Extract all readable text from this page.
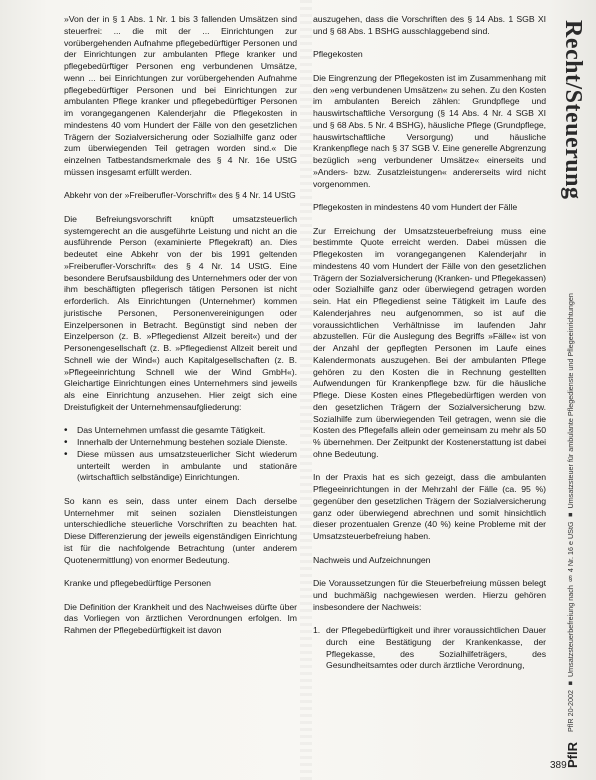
»Von der in § 1 Abs. 1 Nr. 1 bis 3 fallenden Umsätzen sind steuerfrei: ... die mit der ... Einrichtungen zur vorübergehenden Aufnahme pflegebedürftiger Personen und der Einrichtungen zur ambulanten Pflege kranker und pflegebedürftiger Personen eng verbundenen Umsätze, wenn ... bei Einrichtungen zur vorübergehenden Aufnahme pflegebedürftiger Personen und bei Einrichtungen zur ambulanten Pflege kranker und pflegebedürftiger Personen im vorangegangenen Kalenderjahr die Pflegekosten in mindestens 40 vom Hundert der Fälle von den gesetzlichen Trägern der Sozialversicherung oder Sozialhilfe ganz oder zum überwiegenden Teil getragen worden sind.« Die einzelnen Tatbestandsmerkmale des § 4 Nr. 16e UStG müssen insgesamt erfüllt werden.

Abkehr von der »Freiberufler-Vorschrift« des § 4 Nr. 14 UStG

Die Befreiungsvorschrift knüpft umsatzsteuerlich systemgerecht an die ausgeführte Leistung und nicht an die ausführende Person (examinierte Pflegekraft) an. Dies bedeutet eine Abkehr von der bis 1991 geltenden »Freiberufler-Vorschrift« des § 4 Nr. 14 UStG. Eine besondere Berufsausbildung des Unternehmers oder der von ihm beschäftigten pflegerisch tätigen Personen ist nicht erforderlich. Als Einrichtungen (Unternehmer) kommen juristische Personen, Personenvereinigungen oder Einzelpersonen in Betracht. Begünstigt sind neben der Einzelperson (z. B. »Pflegedienst Allzeit bereit«) und der Personengesellschaft (z. B. »Pflegedienst Allzeit bereit und Schnell wie der Wind«) auch Kapitalgesellschaften (z. B. »Pflegeeinrichtung Schnell wie der Wind GmbH«). Gleichartige Einrichtungen eines Unternehmers sind jeweils als eine Einrichtung anzusehen. Hier zeigt sich eine Dreistufigkeit der Unternehmensaufgliederung:

• Das Unternehmen umfasst die gesamte Tätigkeit.
• Innerhalb der Unternehmung bestehen soziale Dienste.
• Diese müssen aus umsatzsteuerlicher Sicht wiederum unterteilt werden in ambulante und stationäre (wirtschaftlich selbständige) Einrichtungen.

So kann es sein, dass unter einem Dach derselbe Unternehmer mit seinen sozialen Dienstleistungen unterschiedliche steuerliche Vorschriften zu beachten hat. Diese Differenzierung der jeweils eigenständigen Einrichtung ist für die nachfolgende Betrachtung (unter anderem Quotenermittlung) von enormer Bedeutung.

Kranke und pflegebedürftige Personen

Die Definition der Krankheit und des Nachweises dürfte über das Vorliegen von ärztlichen Verordnungen erfolgen. Im Rahmen der Pflegebedürftigkeit ist davon

auszugehen, dass die Vorschriften des § 14 Abs. 1 SGB XI und § 68 Abs. 1 BSHG ausschlaggebend sind.

Pflegekosten

Die Eingrenzung der Pflegekosten ist im Zusammenhang mit den »eng verbundenen Umsätzen« zu sehen. Zu den Kosten im ambulanten Bereich zählen: Grundpflege und hauswirtschaftliche Versorgung (§ 14 Abs. 4 Nr. 4 SGB XI und § 68 Abs. 5 Nr. 4 BSHG), häusliche Pflege (Grundpflege, hauswirtschaftliche Versorgung) und häusliche Krankenpflege nach § 37 SGB V. Eine generelle Abgrenzung bezüglich »eng verbundener Umsätze« einerseits und »Anders- bzw. Zusatzleistungen« andererseits wird nicht vorgenommen.

Pflegekosten in mindestens 40 vom Hundert der Fälle

Zur Erreichung der Umsatzsteuerbefreiung muss eine bestimmte Quote erreicht werden. Dabei müssen die Pflegekosten im vorangegangenen Kalenderjahr in mindestens 40 vom Hundert der Fälle von den gesetzlichen Trägern der Sozialversicherung (Kranken- und Pflegekassen) oder Sozialhilfe ganz oder überwiegend getragen worden sein. Hat ein Pflegedienst seine Tätigkeit im Laufe des Kalenderjahres neu aufgenommen, so ist auf die voraussichtlichen Verhältnisse im laufenden Jahr abzustellen. Für die Auslegung des Begriffs »Fälle« ist von der Anzahl der gepflegten Personen im Laufe eines Kalendermonats auszugehen. Bei der ambulanten Pflege gehören zu den Kosten die in Rechnung gestellten Aufwendungen für Krankenpflege bzw. für die häusliche Pflege. Diese Kosten eines Pflegebedürftigen werden von den gesetzlichen Trägern der Sozialversicherung bzw. Sozialhilfe zum überwiegenden Teil getragen, wenn sie die Kosten des Pflegefalls allein oder gemeinsam zu mehr als 50 % übernehmen. Der Zeitpunkt der Kostenerstattung ist dabei ohne Bedeutung.

In der Praxis hat es sich gezeigt, dass die ambulanten Pflegeeinrichtungen in der Mehrzahl der Fälle (ca. 95 %) gegenüber den gesetzlichen Trägern der Sozialversicherung ganz oder überwiegend abrechnen und somit hinsichtlich dieser prozentualen Grenze (40 %) keine Probleme mit der Umsatzsteuerbefreiung haben.

Nachweis und Aufzeichnungen

Die Voraussetzungen für die Steuerbefreiung müssen belegt und buchmäßig nachgewiesen werden. Hierzu gehören insbesondere der Nachweis:

1. der Pflegebedürftigkeit und ihrer voraussichtlichen Dauer durch eine Bestätigung der Krankenkasse, der Pflegekasse, des Sozialhilfeträgers, des Gesundheitsamtes oder durch ärztliche Verordnung,
Recht/Steuerung
PflR 20-2002 ■ Umsatzsteuerbefreiung nach § 4 Nr. 16 e UStG ■ Umsatzsteuer für ambulante Pflegedienste und Pflegeeinrichtungen
PflR
389
